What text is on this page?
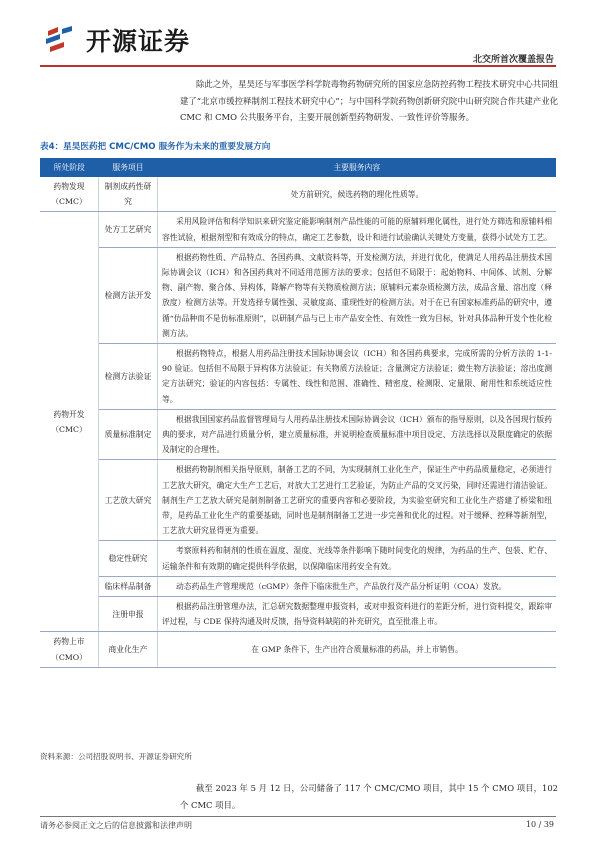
开源证券
北交所首次覆盖报告

除此之外，星昊还与军事医学科学院毒物药物研究所的国家应急防控药物工程技术研究中心共同组建了“北京市缓控释制剂工程技术研究中心”；与中国科学院药物创新研究院中山研究院合作共建产业化 CMC 和 CMO 公共服务平台，主要开展创新型药物研发、一致性评价等服务。

表4：星昊医药把 CMC/CMO 服务作为未来的重要发展方向
所处阶段	服务项目	主要服务内容
药物发现（CMC）	制剂成药性研究	处方前研究，候选药物的理化性质等。
药物开发（CMC）	处方工艺研究	采用风险评估和科学知识来研究鉴定能影响制剂产品性能的可能的原辅料理化属性，进行处方筛选和原辅料相容性试验，根据剂型和有效成分的特点，确定工艺参数，设计和进行试验确认关键处方变量，获得小试处方工艺。
	检测方法开发	根据药物性质、产品特点、各国药典、文献资料等，开发检测方法，并进行优化，使满足人用药品注册技术国际协调会议（ICH）和各国药典对不同适用范围方法的要求；包括但不局限于：起始物料、中间体、试剂、分解物、副产物、聚合体、异构体，降解产物等有关物质检测方法；原辅料元素杂质检测方法，成品含量、溶出度（释放度）检测方法等。开发选择专属性强、灵敏度高、重现性好的检测方法。对于在已有国家标准药品的研究中，遵循“仿品种而不是仿标准原则”，以研制产品与已上市产品安全性、有效性一致为目标，针对具体品种开发个性化检测方法。
	检测方法验证	根据药物特点，根据人用药品注册技术国际协调会议（ICH）和各国药典要求，完成所需的分析方法的 1-1-90 验证。包括但不局限于异构体方法验证；有关物质方法验证；含量测定方法验证；微生物方法验证；溶出度测定方法研究；验证的内容包括：专属性、线性和范围、准确性、精密度、检测限、定量限、耐用性和系统适应性等。
	质量标准制定	根据我国国家药品监督管理局与人用药品注册技术国际协调会议（ICH）颁布的指导原则，以及各国现行版药典的要求，对产品进行质量分析，建立质量标准，并说明检查质量标准中项目设定、方法选择以及限度确定的依据及制定的合理性。
	工艺放大研究	根据药物制剂相关指导原则，制备工艺的不同，为实现制剂工业化生产，保证生产中药品质量稳定，必须进行工艺放大研究，确定大生产工艺后，对放大工艺进行工艺验证，为防止产品的交叉污染，同时还需进行清洁验证。制剂生产工艺放大研究是制剂制备工艺研究的重要内容和必要阶段，为实验室研究和工业化生产搭建了桥梁和纽带，是药品工业化生产的重要基础，同时也是制剂制备工艺进一步完善和优化的过程。对于缓释、控释等新剂型，工艺放大研究显得更为重要。
	稳定性研究	考察原料药和制剂的性质在温度、湿度、光线等条件影响下随时间变化的规律，为药品的生产、包装、贮存、运输条件和有效期的确定提供科学依据，以保障临床用药安全有效。
	临床样品制备	动态药品生产管理规范（cGMP）条件下临床批生产，产品放行及产品分析证明（COA）发放。
	注册申报	根据药品注册管理办法，汇总研究数据整理申报资料，或对申报资料进行的差距分析，进行资料提交，跟踪审评过程，与 CDE 保持沟通及时反馈，指导资料缺陷的补充研究，直至批准上市。
药物上市（CMO）	商业化生产	在 GMP 条件下，生产出符合质量标准的药品，并上市销售。
资料来源：公司招股说明书、开源证券研究所

截至 2023 年 5 月 12 日，公司储备了 117 个 CMC/CMO 项目，其中 15 个 CMO 项目，102 个 CMC 项目。

请务必参阅正文之后的信息披露和法律声明	10 / 39
